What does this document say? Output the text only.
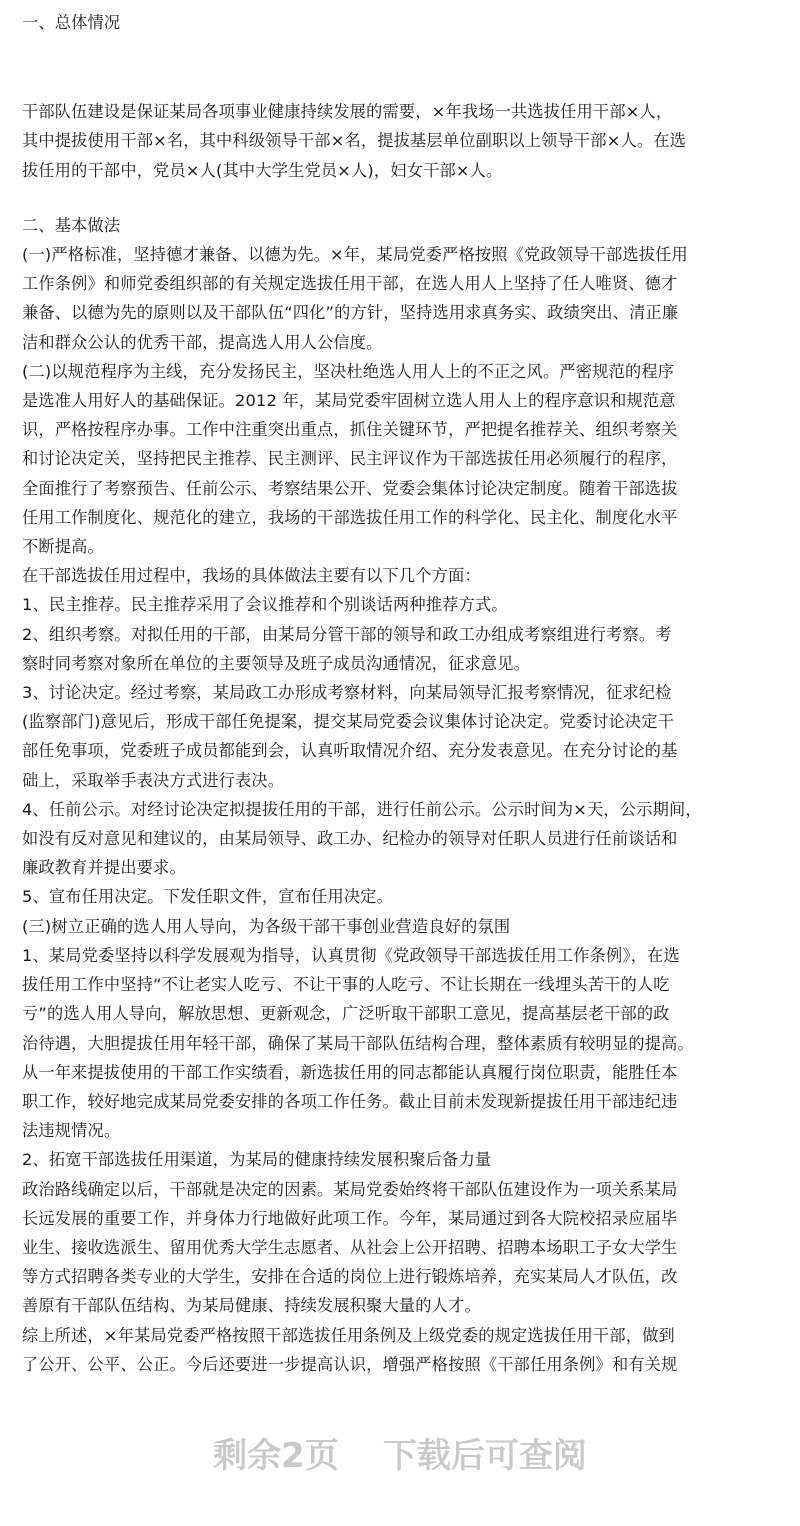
一、总体情况
干部队伍建设是保证某局各项事业健康持续发展的需要，×年我场一共选拔任用干部×人，
其中提拔使用干部×名，其中科级领导干部×名，提拔基层单位副职以上领导干部×人。在选
拔任用的干部中，党员×人(其中大学生党员×人)，妇女干部×人。
二、基本做法
(一)严格标准，坚持德才兼备、以德为先。×年，某局党委严格按照《党政领导干部选拔任用
工作条例》和师党委组织部的有关规定选拔任用干部，在选人用人上坚持了任人唯贤、德才
兼备、以德为先的原则以及干部队伍“四化”的方针，坚持选用求真务实、政绩突出、清正廉
洁和群众公认的优秀干部，提高选人用人公信度。
(二)以规范程序为主线，充分发扬民主，坚决杜绝选人用人上的不正之风。严密规范的程序
是选准人用好人的基础保证。2012 年，某局党委牢固树立选人用人上的程序意识和规范意
识，严格按程序办事。工作中注重突出重点，抓住关键环节，严把提名推荐关、组织考察关
和讨论决定关，坚持把民主推荐、民主测评、民主评议作为干部选拔任用必须履行的程序，
全面推行了考察预告、任前公示、考察结果公开、党委会集体讨论决定制度。随着干部选拔
任用工作制度化、规范化的建立，我场的干部选拔任用工作的科学化、民主化、制度化水平
不断提高。
在干部选拔任用过程中，我场的具体做法主要有以下几个方面：
1、民主推荐。民主推荐采用了会议推荐和个别谈话两种推荐方式。
2、组织考察。对拟任用的干部，由某局分管干部的领导和政工办组成考察组进行考察。考
察时同考察对象所在单位的主要领导及班子成员沟通情况，征求意见。
3、讨论决定。经过考察，某局政工办形成考察材料，向某局领导汇报考察情况，征求纪检
(监察部门)意见后，形成干部任免提案，提交某局党委会议集体讨论决定。党委讨论决定干
部任免事项，党委班子成员都能到会，认真听取情况介绍、充分发表意见。在充分讨论的基
础上，采取举手表决方式进行表决。
4、任前公示。对经讨论决定拟提拔任用的干部，进行任前公示。公示时间为×天，公示期间，
如没有反对意见和建议的，由某局领导、政工办、纪检办的领导对任职人员进行任前谈话和
廉政教育并提出要求。
5、宣布任用决定。下发任职文件，宣布任用决定。
(三)树立正确的选人用人导向，为各级干部干事创业营造良好的氛围
1、某局党委坚持以科学发展观为指导，认真贯彻《党政领导干部选拔任用工作条例》，在选
拔任用工作中坚持“不让老实人吃亏、不让干事的人吃亏、不让长期在一线埋头苦干的人吃
亏”的选人用人导向，解放思想、更新观念，广泛听取干部职工意见，提高基层老干部的政
治待遇，大胆提拔任用年轻干部，确保了某局干部队伍结构合理，整体素质有较明显的提高。
从一年来提拔使用的干部工作实绩看，新选拔任用的同志都能认真履行岗位职责，能胜任本
职工作，较好地完成某局党委安排的各项工作任务。截止目前未发现新提拔任用干部违纪违
法违规情况。
2、拓宽干部选拔任用渠道，为某局的健康持续发展积聚后备力量
政治路线确定以后，干部就是决定的因素。某局党委始终将干部队伍建设作为一项关系某局
长远发展的重要工作，并身体力行地做好此项工作。今年，某局通过到各大院校招录应届毕
业生、接收选派生、留用优秀大学生志愿者、从社会上公开招聘、招聘本场职工子女大学生
等方式招聘各类专业的大学生，安排在合适的岗位上进行锻炼培养，充实某局人才队伍，改
善原有干部队伍结构、为某局健康、持续发展积聚大量的人才。
综上所述，×年某局党委严格按照干部选拔任用条例及上级党委的规定选拔任用干部，做到
了公开、公平、公正。今后还要进一步提高认识，增强严格按照《干部任用条例》和有关规
剩余2页 下载后可查阅
